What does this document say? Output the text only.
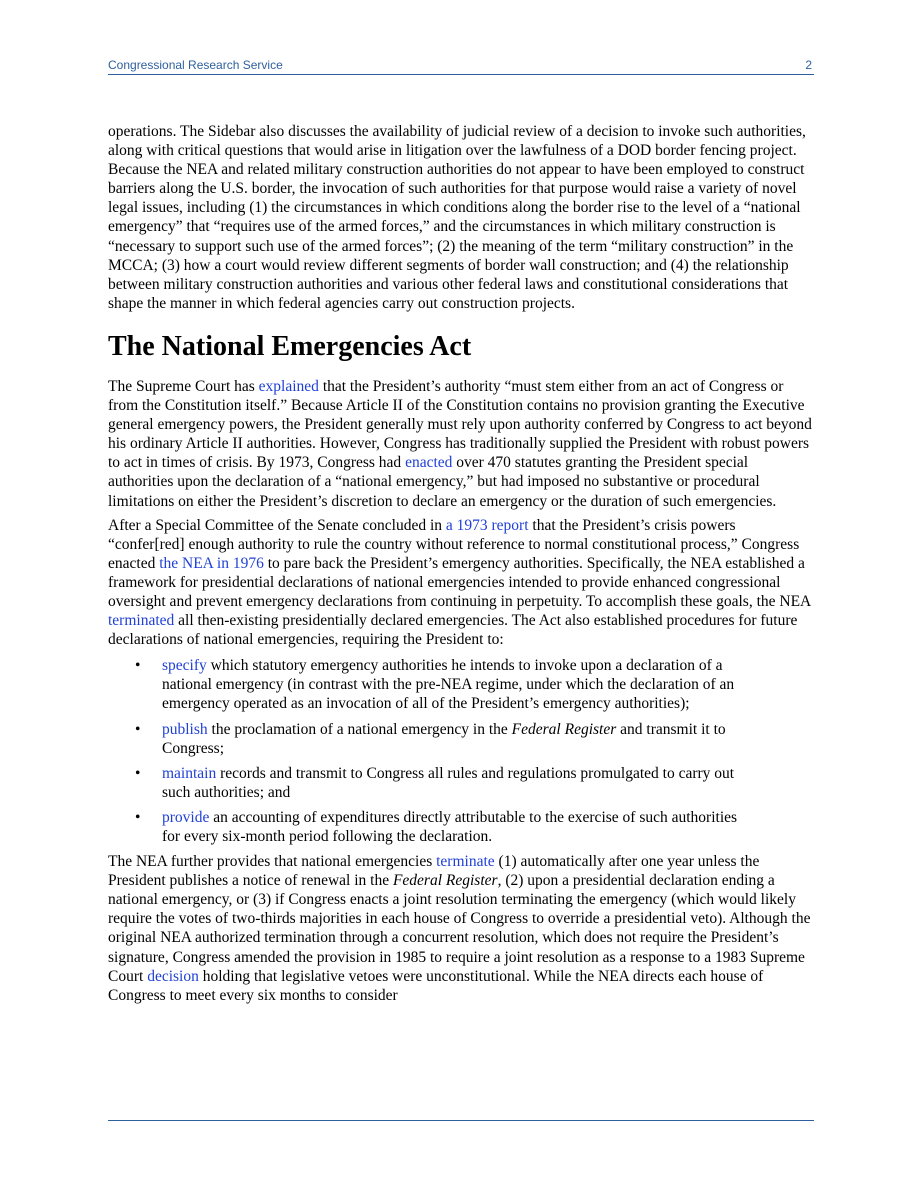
Congressional Research Service	2

operations. The Sidebar also discusses the availability of judicial review of a decision to invoke such authorities, along with critical questions that would arise in litigation over the lawfulness of a DOD border fencing project. Because the NEA and related military construction authorities do not appear to have been employed to construct barriers along the U.S. border, the invocation of such authorities for that purpose would raise a variety of novel legal issues, including (1) the circumstances in which conditions along the border rise to the level of a “national emergency” that “requires use of the armed forces,” and the circumstances in which military construction is “necessary to support such use of the armed forces”; (2) the meaning of the term “military construction” in the MCCA; (3) how a court would review different segments of border wall construction; and (4) the relationship between military construction authorities and various other federal laws and constitutional considerations that shape the manner in which federal agencies carry out construction projects.

The National Emergencies Act

The Supreme Court has explained that the President’s authority “must stem either from an act of Congress or from the Constitution itself.” Because Article II of the Constitution contains no provision granting the Executive general emergency powers, the President generally must rely upon authority conferred by Congress to act beyond his ordinary Article II authorities. However, Congress has traditionally supplied the President with robust powers to act in times of crisis. By 1973, Congress had enacted over 470 statutes granting the President special authorities upon the declaration of a “national emergency,” but had imposed no substantive or procedural limitations on either the President’s discretion to declare an emergency or the duration of such emergencies.

After a Special Committee of the Senate concluded in a 1973 report that the President’s crisis powers “confer[red] enough authority to rule the country without reference to normal constitutional process,” Congress enacted the NEA in 1976 to pare back the President’s emergency authorities. Specifically, the NEA established a framework for presidential declarations of national emergencies intended to provide enhanced congressional oversight and prevent emergency declarations from continuing in perpetuity. To accomplish these goals, the NEA terminated all then-existing presidentially declared emergencies. The Act also established procedures for future declarations of national emergencies, requiring the President to:

• specify which statutory emergency authorities he intends to invoke upon a declaration of a national emergency (in contrast with the pre-NEA regime, under which the declaration of an emergency operated as an invocation of all of the President’s emergency authorities);
• publish the proclamation of a national emergency in the Federal Register and transmit it to Congress;
• maintain records and transmit to Congress all rules and regulations promulgated to carry out such authorities; and
• provide an accounting of expenditures directly attributable to the exercise of such authorities for every six-month period following the declaration.

The NEA further provides that national emergencies terminate (1) automatically after one year unless the President publishes a notice of renewal in the Federal Register, (2) upon a presidential declaration ending a national emergency, or (3) if Congress enacts a joint resolution terminating the emergency (which would likely require the votes of two-thirds majorities in each house of Congress to override a presidential veto). Although the original NEA authorized termination through a concurrent resolution, which does not require the President’s signature, Congress amended the provision in 1985 to require a joint resolution as a response to a 1983 Supreme Court decision holding that legislative vetoes were unconstitutional. While the NEA directs each house of Congress to meet every six months to consider
